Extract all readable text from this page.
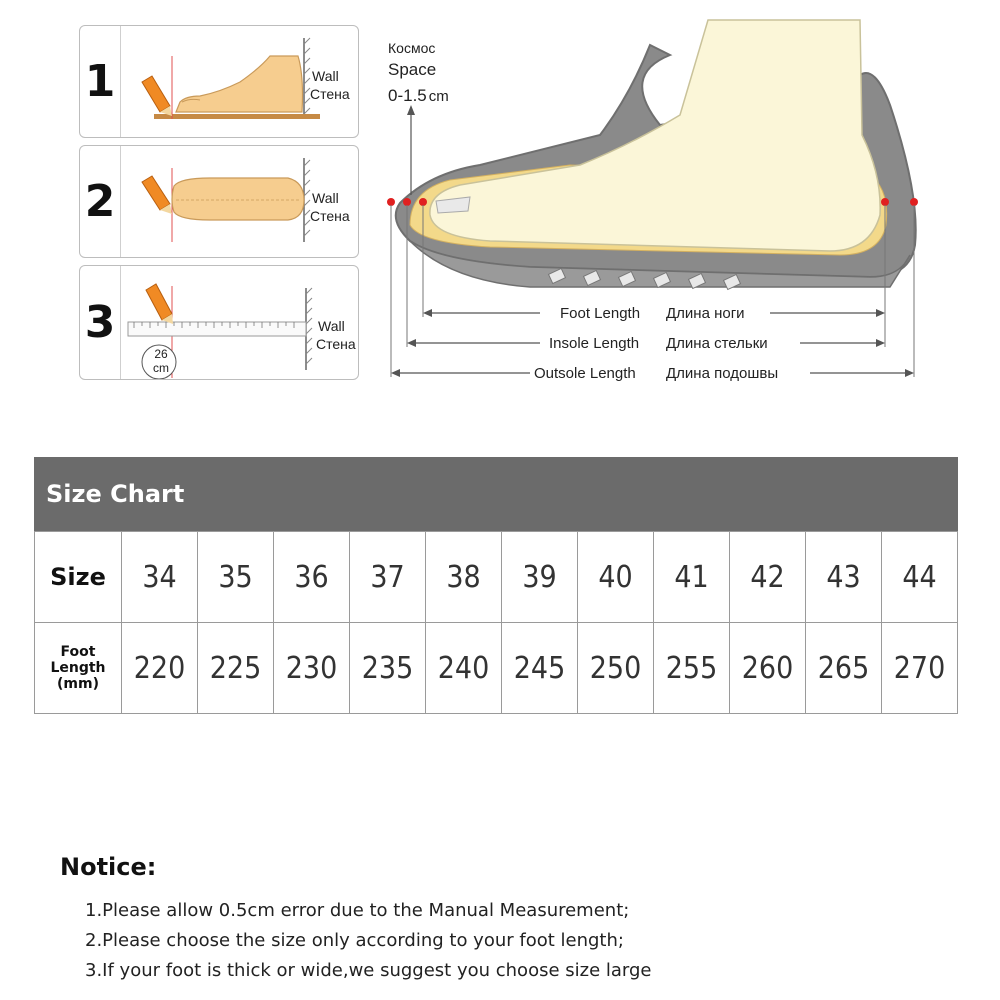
1	Wall
Стена
2	Wall
Стена
3
26
cm
Wall
Стена
Космос
Space
0-1.5 cm
Foot Length Длина ноги
Insole Length Длина стельки
Outsole Length Длина подошвы
Size Chart
Size	34	35	36	37	38	39	40	41	42	43	44
Foot Length
(mm)	220	225	230	235	240	245	250	255	260	265	270
Notice:
1.Please allow 0.5cm error due to the Manual Measurement;
2.Please choose the size only according to your foot length;
3.If your foot is thick or wide,we suggest you choose size large
